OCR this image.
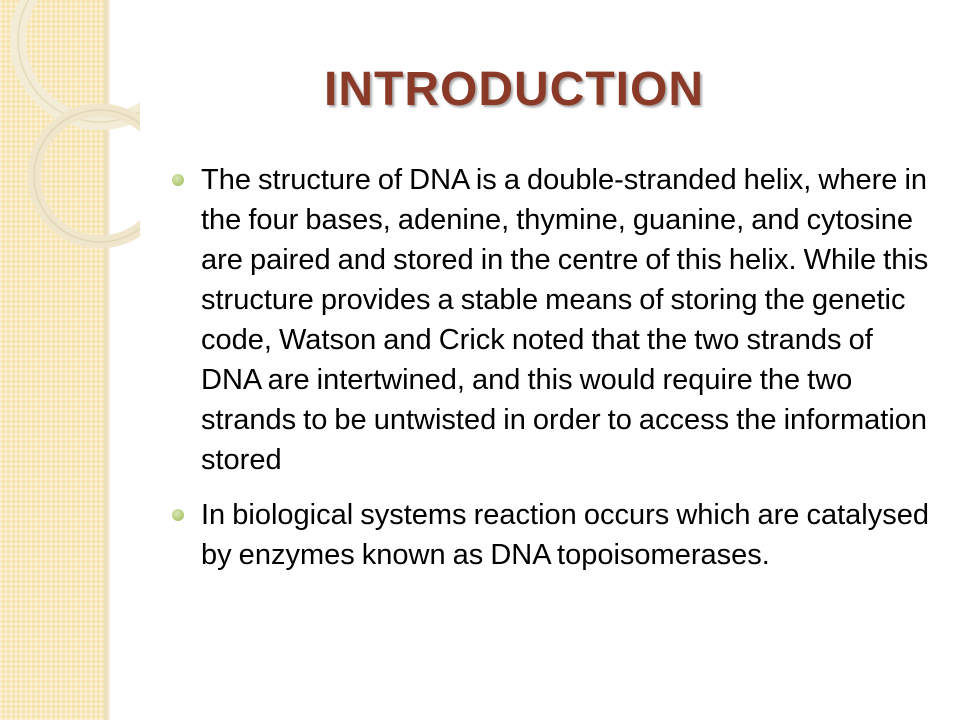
INTRODUCTION
The structure of DNA is a double-stranded helix, where in the four bases, adenine, thymine, guanine, and cytosine are paired and stored in the centre of this helix. While this structure provides a stable means of storing the genetic code, Watson and Crick noted that the two strands of DNA are intertwined, and this would require the two strands to be untwisted in order to access the information stored
In biological systems reaction occurs which are catalysed by enzymes known as DNA topoisomerases.
